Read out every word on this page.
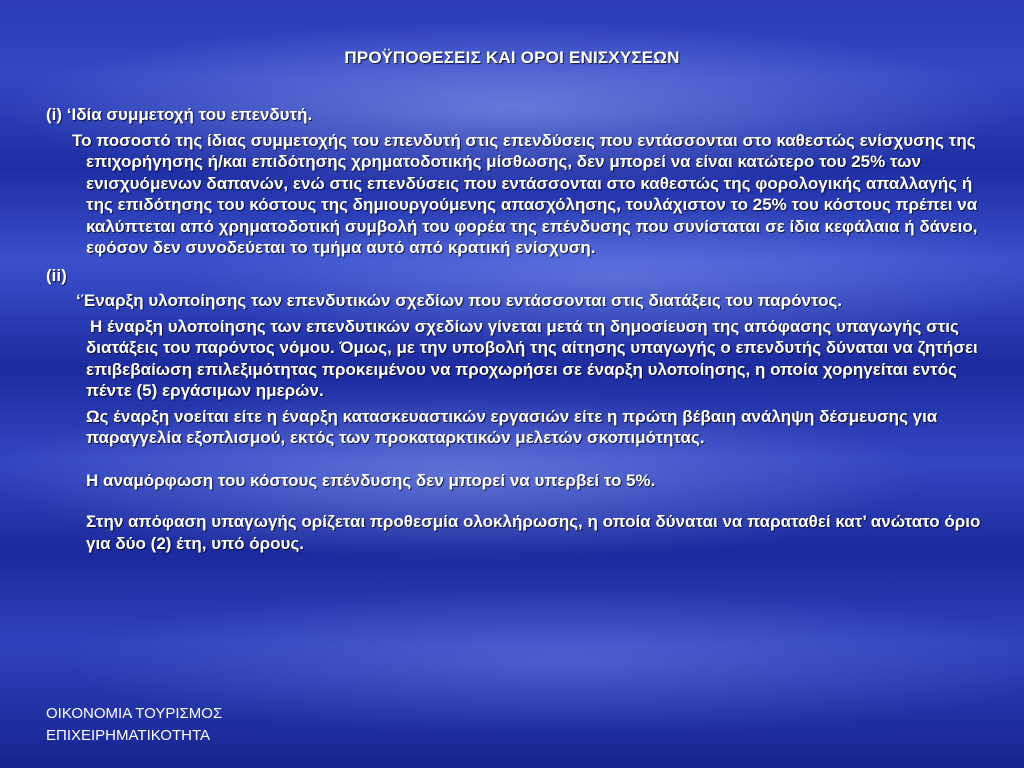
ΠΡΟΫΠΟΘΕΣΕΙΣ ΚΑΙ ΟΡΟΙ ΕΝΙΣΧΥΣΕΩΝ

(i) ‘Ιδία συμμετοχή του επενδυτή.

Το ποσοστό της ίδιας συμμετοχής του επενδυτή στις επενδύσεις που εντάσσονται στο καθεστώς ενίσχυσης της επιχορήγησης ή/και επιδότησης χρηματοδοτικής μίσθωσης, δεν μπορεί να είναι κατώτερο του 25% των ενισχυόμενων δαπανών, ενώ στις επενδύσεις που εντάσσονται στο καθεστώς της φορολογικής απαλλαγής ή της επιδότησης του κόστους της δημιουργούμενης απασχόλησης, τουλάχιστον το 25% του κόστους πρέπει να καλύπτεται από χρηματοδοτική συμβολή του φορέα της επένδυσης που συνίσταται σε ίδια κεφάλαια ή δάνειο, εφόσον δεν συνοδεύεται το τμήμα αυτό από κρατική ενίσχυση.

(ii)

‘Έναρξη υλοποίησης των επενδυτικών σχεδίων που εντάσσονται στις διατάξεις του παρόντος.

Η έναρξη υλοποίησης των επενδυτικών σχεδίων γίνεται μετά τη δημοσίευση της απόφασης υπαγωγής στις διατάξεις του παρόντος νόμου. Όμως, με την υποβολή της αίτησης υπαγωγής ο επενδυτής δύναται να ζητήσει επιβεβαίωση επιλεξιμότητας προκειμένου να προχωρήσει σε έναρξη υλοποίησης, η οποία χορηγείται εντός πέντε (5) εργάσιμων ημερών.

Ως έναρξη νοείται είτε η έναρξη κατασκευαστικών εργασιών είτε η πρώτη βέβαιη ανάληψη δέσμευσης για παραγγελία εξοπλισμού, εκτός των προκαταρκτικών μελετών σκοπιμότητας.

Η αναμόρφωση του κόστους επένδυσης δεν μπορεί να υπερβεί το 5%.

Στην απόφαση υπαγωγής ορίζεται προθεσμία ολοκλήρωσης, η οποία δύναται να παραταθεί κατ’ ανώτατο όριο για δύο (2) έτη, υπό όρους.

ΟΙΚΟΝΟΜΙΑ ΤΟΥΡΙΣΜΟΣ
ΕΠΙΧΕΙΡΗΜΑΤΙΚΟΤΗΤΑ
